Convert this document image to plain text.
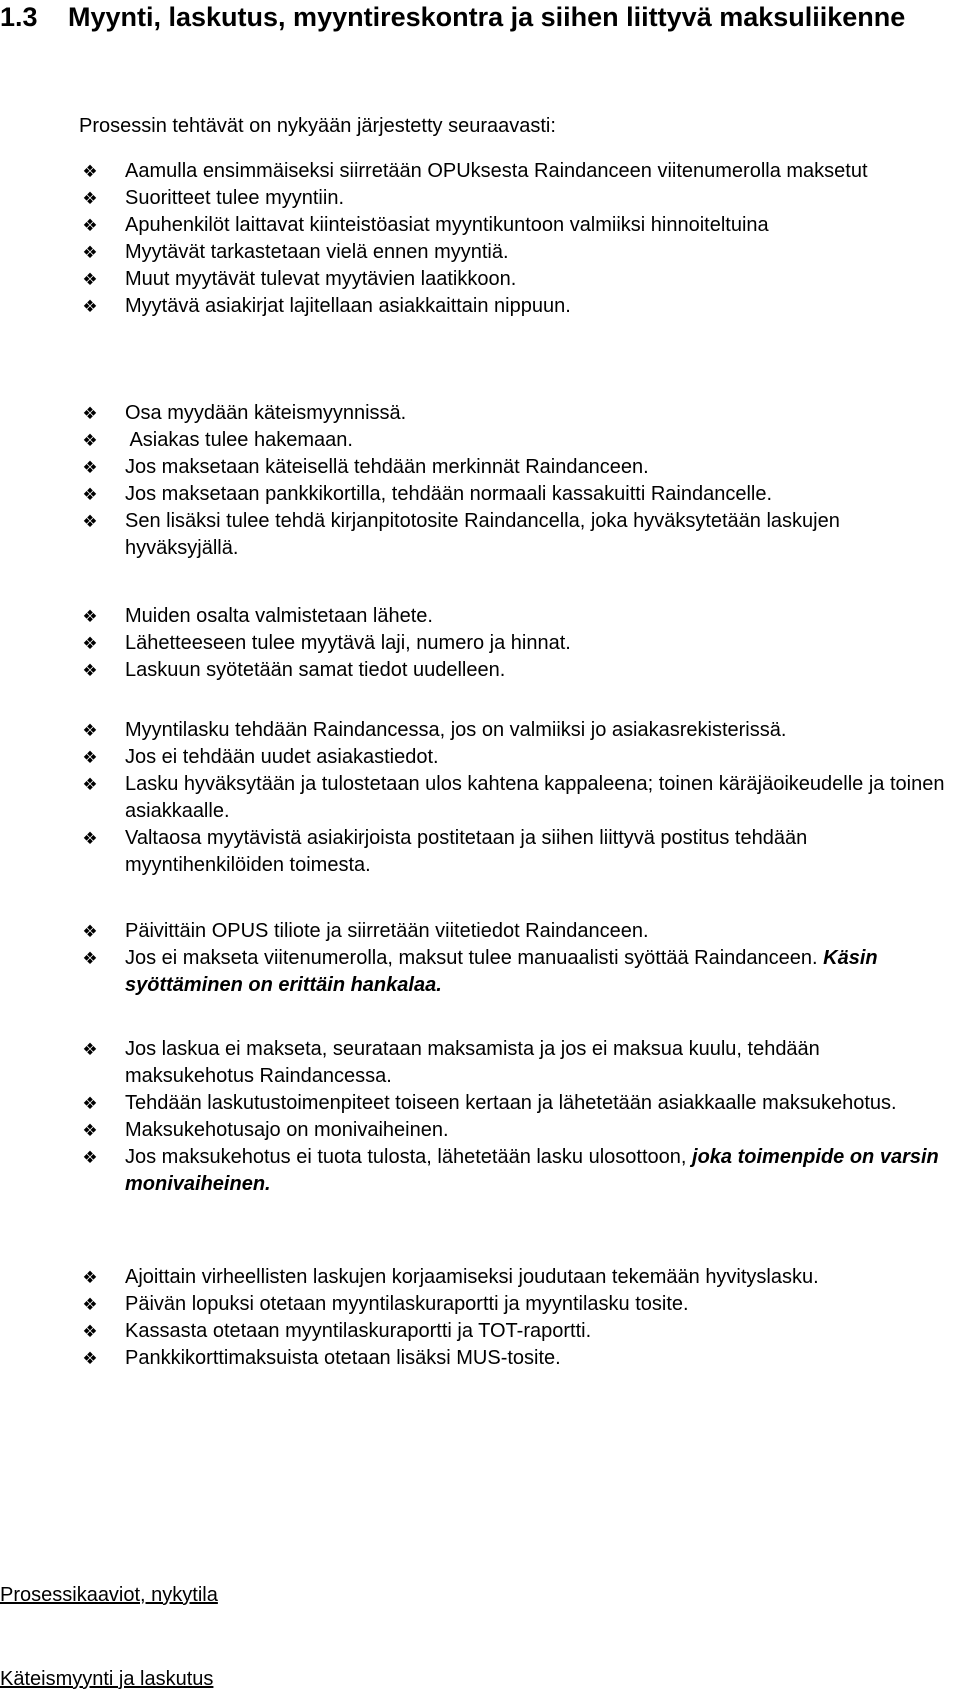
1.3 Myynti, laskutus, myyntireskontra ja siihen liittyvä maksuliikenne

Prosessin tehtävät on nykyään järjestetty seuraavasti:

❖ Aamulla ensimmäiseksi siirretään OPUksesta Raindanceen viitenumerolla maksetut
❖ Suoritteet tulee myyntiin.
❖ Apuhenkilöt laittavat kiinteistöasiat myyntikuntoon valmiiksi hinnoiteltuina
❖ Myytävät tarkastetaan vielä ennen myyntiä.
❖ Muut myytävät tulevat myytävien laatikkoon.
❖ Myytävä asiakirjat lajitellaan asiakkaittain nippuun.
❖ Osa myydään käteismyynnissä.
❖ Asiakas tulee hakemaan.
❖ Jos maksetaan käteisellä tehdään merkinnät Raindanceen.
❖ Jos maksetaan pankkikortilla, tehdään normaali kassakuitti Raindancelle.
❖ Sen lisäksi tulee tehdä kirjanpitotosite Raindancella, joka hyväksytetään laskujen hyväksyjällä.
❖ Muiden osalta valmistetaan lähete.
❖ Lähetteeseen tulee myytävä laji, numero ja hinnat.
❖ Laskuun syötetään samat tiedot uudelleen.
❖ Myyntilasku tehdään Raindancessa, jos on valmiiksi jo asiakasrekisterissä.
❖ Jos ei tehdään uudet asiakastiedot.
❖ Lasku hyväksytään ja tulostetaan ulos kahtena kappaleena; toinen käräjäoikeudelle ja toinen asiakkaalle.
❖ Valtaosa myytävistä asiakirjoista postitetaan ja siihen liittyvä postitus tehdään myyntihenkilöiden toimesta.
❖ Päivittäin OPUS tiliote ja siirretään viitetiedot Raindanceen.
❖ Jos ei makseta viitenumerolla, maksut tulee manuaalisti syöttää Raindanceen. Käsin syöttäminen on erittäin hankalaa.
❖ Jos laskua ei makseta, seurataan maksamista ja jos ei maksua kuulu, tehdään maksukehotus Raindancessa.
❖ Tehdään laskutustoimenpiteet toiseen kertaan ja lähetetään asiakkaalle maksukehotus.
❖ Maksukehotusajo on monivaiheinen.
❖ Jos maksukehotus ei tuota tulosta, lähetetään lasku ulosottoon, joka toimenpide on varsin monivaiheinen.
❖ Ajoittain virheellisten laskujen korjaamiseksi joudutaan tekemään hyvityslasku.
❖ Päivän lopuksi otetaan myyntilaskuraportti ja myyntilasku tosite.
❖ Kassasta otetaan myyntilaskuraportti ja TOT-raportti.
❖ Pankkikorttimaksuista otetaan lisäksi MUS-tosite.
Prosessikaaviot, nykytila
Käteismyynti ja laskutus
